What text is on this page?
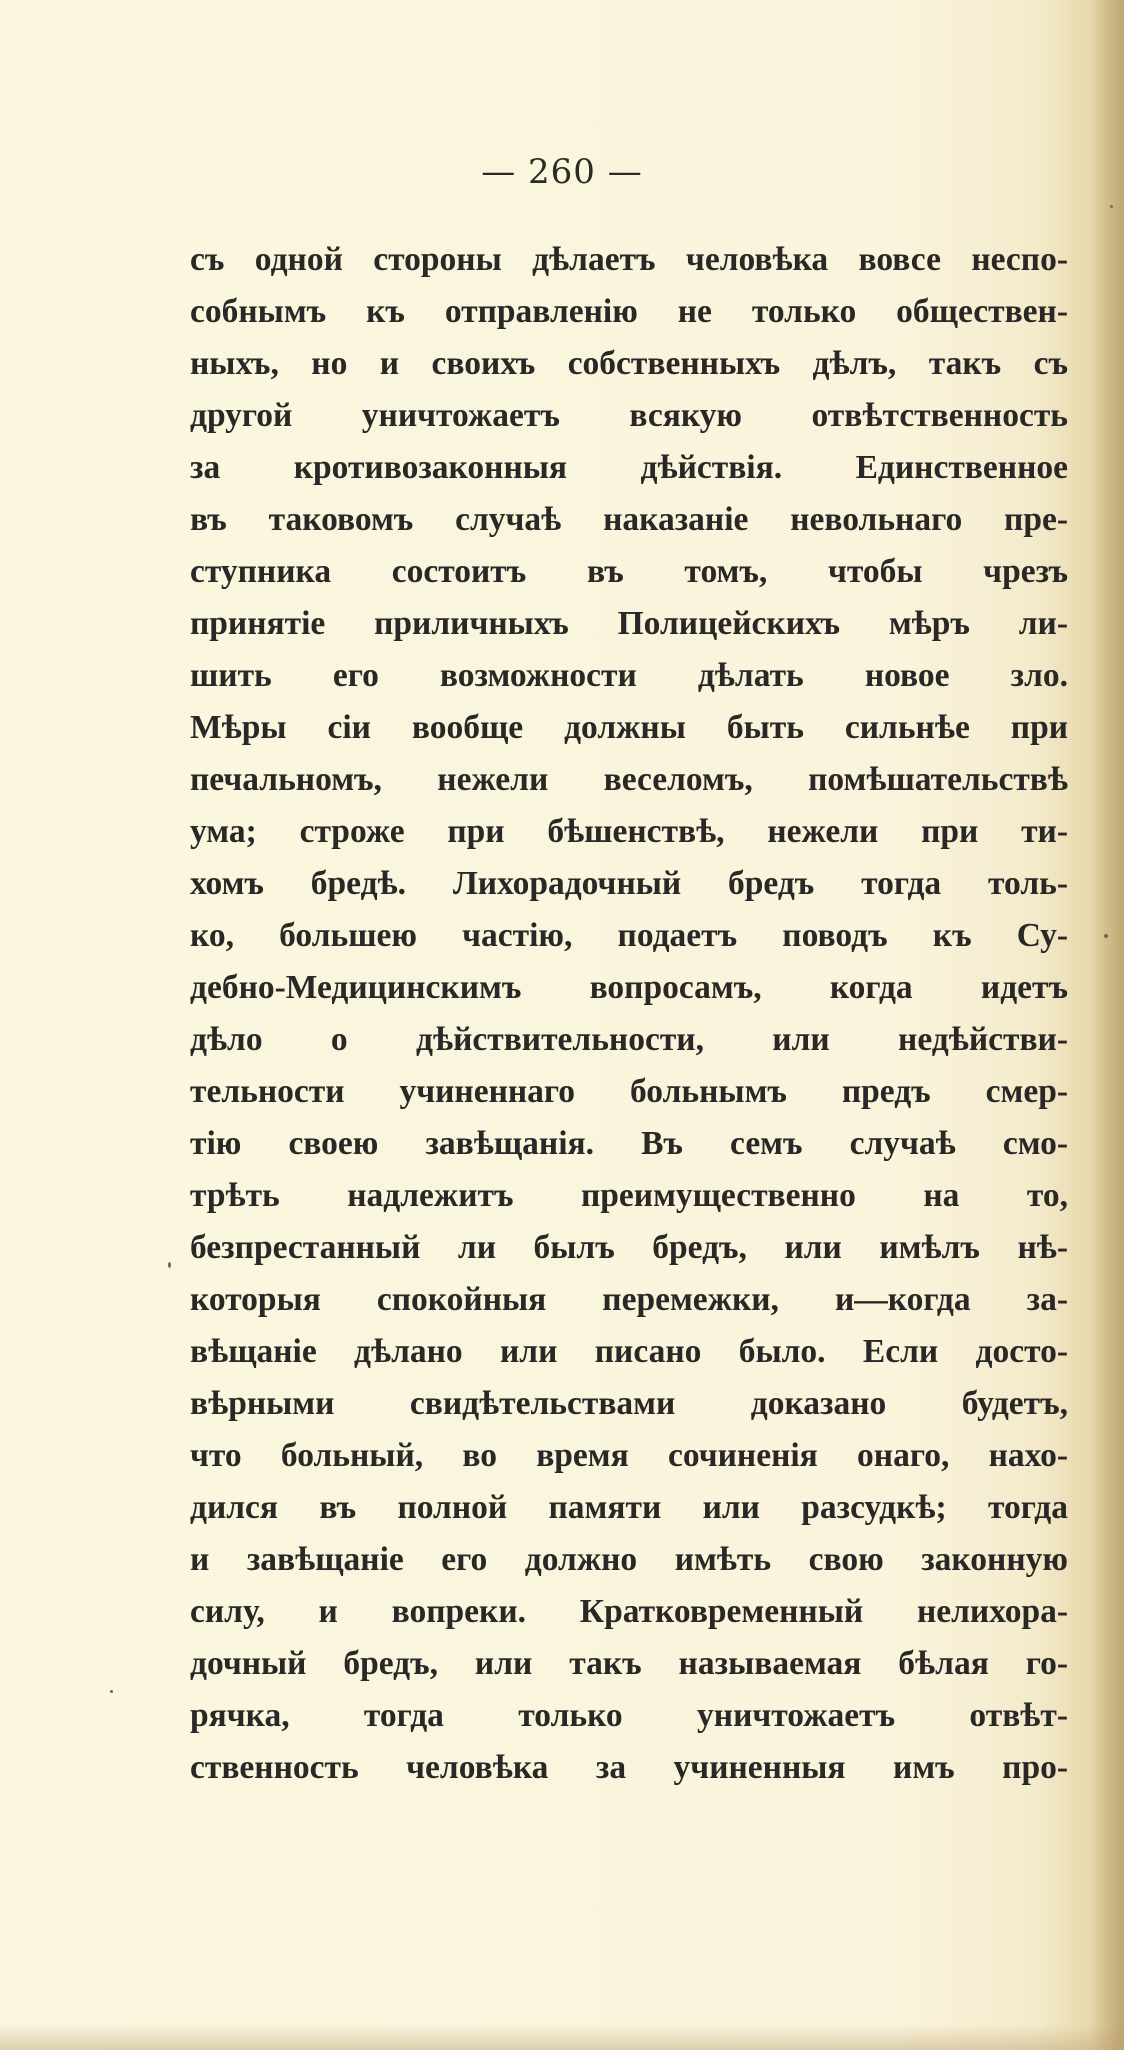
— 260 —
съ одной стороны дѣлаетъ человѣка вовсе неспо-
собнымъ къ отправленію не только обществен-
ныхъ, но и своихъ собственныхъ дѣлъ, такъ съ
другой уничтожаетъ всякую отвѣтственность
за кротивозаконныя дѣйствія. Единственное
въ таковомъ случаѣ наказаніе невольнаго пре-
ступника состоитъ въ томъ, чтобы чрезъ
принятіе приличныхъ Полицейскихъ мѣръ ли-
шить его возможности дѣлать новое зло.
Мѣры сіи вообще должны быть сильнѣе при
печальномъ, нежели веселомъ, помѣшательствѣ
ума; строже при бѣшенствѣ, нежели при ти-
хомъ бредѣ. Лихорадочный бредъ тогда толь-
ко, большею частію, подаетъ поводъ къ Су-
дебно-Медицинскимъ вопросамъ, когда идетъ
дѣло о дѣйствительности, или недѣйстви-
тельности учиненнаго больнымъ предъ смер-
тію своею завѣщанія. Въ семъ случаѣ смо-
трѣть надлежитъ преимущественно на то,
безпрестанный ли былъ бредъ, или имѣлъ нѣ-
которыя спокойныя перемежки, и—когда за-
вѣщаніе дѣлано или писано было. Если досто-
вѣрными свидѣтельствами доказано будетъ,
что больный, во время сочиненія онаго, нахо-
дился въ полной памяти или разсудкѣ; тогда
и завѣщаніе его должно имѣть свою законную
силу, и вопреки. Кратковременный нелихора-
дочный бредъ, или такъ называемая бѣлая го-
рячка, тогда только уничтожаетъ отвѣт-
ственность человѣка за учиненныя имъ про-
